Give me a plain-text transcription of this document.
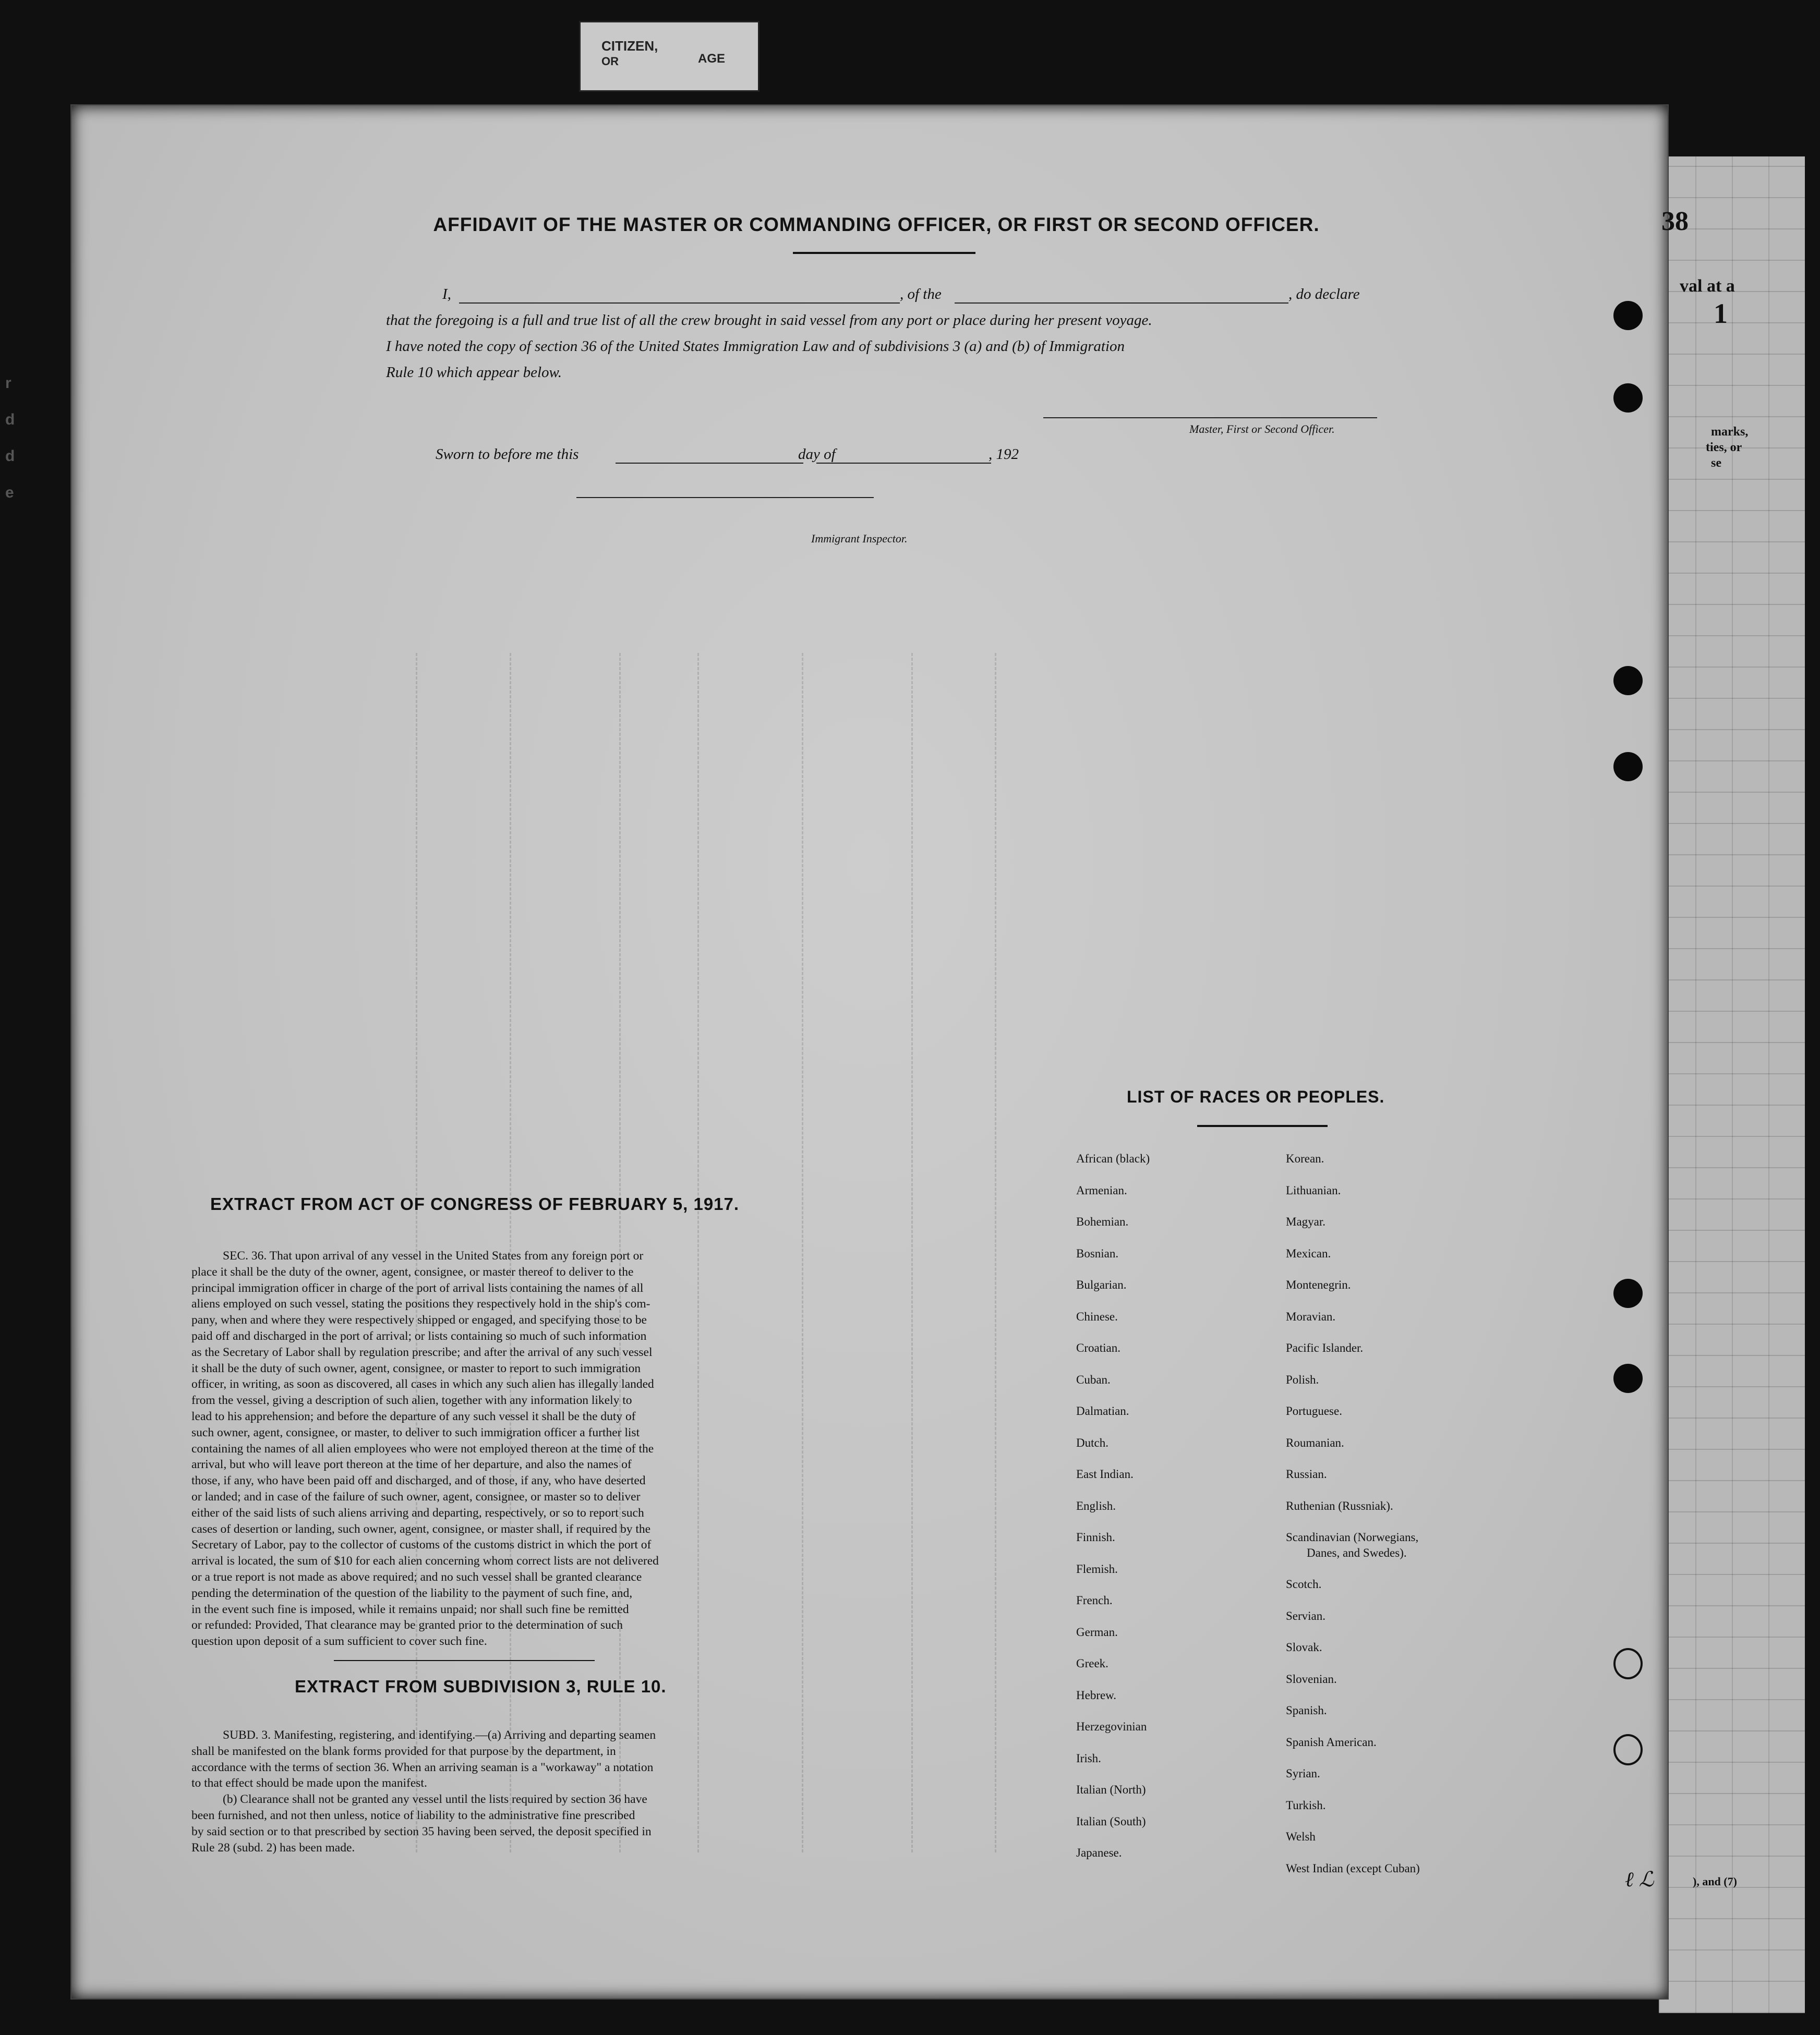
r
d
d
e
CITIZEN,
OR	AGE
val at a
1
marks,
ties, or
se
38
AFFIDAVIT OF THE MASTER OR COMMANDING OFFICER, OR FIRST OR SECOND OFFICER.
I,	, of the	, do declare
that the foregoing is a full and true list of all the crew brought in said vessel from any port or place during her present voyage.
I have noted the copy of section 36 of the United States Immigration Law and of subdivisions 3 (a) and (b) of Immigration
Rule 10 which appear below.
Master, First or Second Officer.
Sworn to before me this	day of	, 192
Immigrant Inspector.
EXTRACT FROM ACT OF CONGRESS OF FEBRUARY 5, 1917.
SEC. 36. That upon arrival of any vessel in the United States from any foreign port or
place it shall be the duty of the owner, agent, consignee, or master thereof to deliver to the
principal immigration officer in charge of the port of arrival lists containing the names of all
aliens employed on such vessel, stating the positions they respectively hold in the ship's com-
pany, when and where they were respectively shipped or engaged, and specifying those to be
paid off and discharged in the port of arrival; or lists containing so much of such information
as the Secretary of Labor shall by regulation prescribe; and after the arrival of any such vessel
it shall be the duty of such owner, agent, consignee, or master to report to such immigration
officer, in writing, as soon as discovered, all cases in which any such alien has illegally landed
from the vessel, giving a description of such alien, together with any information likely to
lead to his apprehension; and before the departure of any such vessel it shall be the duty of
such owner, agent, consignee, or master, to deliver to such immigration officer a further list
containing the names of all alien employees who were not employed thereon at the time of the
arrival, but who will leave port thereon at the time of her departure, and also the names of
those, if any, who have been paid off and discharged, and of those, if any, who have deserted
or landed; and in case of the failure of such owner, agent, consignee, or master so to deliver
either of the said lists of such aliens arriving and departing, respectively, or so to report such
cases of desertion or landing, such owner, agent, consignee, or master shall, if required by the
Secretary of Labor, pay to the collector of customs of the customs district in which the port of
arrival is located, the sum of $10 for each alien concerning whom correct lists are not delivered
or a true report is not made as above required; and no such vessel shall be granted clearance
pending the determination of the question of the liability to the payment of such fine, and,
in the event such fine is imposed, while it remains unpaid; nor shall such fine be remitted
or refunded: Provided, That clearance may be granted prior to the determination of such
question upon deposit of a sum sufficient to cover such fine.
EXTRACT FROM SUBDIVISION 3, RULE 10.
SUBD. 3. Manifesting, registering, and identifying.—(a) Arriving and departing seamen
shall be manifested on the blank forms provided for that purpose by the department, in
accordance with the terms of section 36. When an arriving seaman is a "workaway" a notation
to that effect should be made upon the manifest.
(b) Clearance shall not be granted any vessel until the lists required by section 36 have
been furnished, and not then unless, notice of liability to the administrative fine prescribed
by said section or to that prescribed by section 35 having been served, the deposit specified in
Rule 28 (subd. 2) has been made.
LIST OF RACES OR PEOPLES.
African (black)
Armenian.
Bohemian.
Bosnian.
Bulgarian.
Chinese.
Croatian.
Cuban.
Dalmatian.
Dutch.
East Indian.
English.
Finnish.
Flemish.
French.
German.
Greek.
Hebrew.
Herzegovinian
Irish.
Italian (North)
Italian (South)
Japanese.
Korean.
Lithuanian.
Magyar.
Mexican.
Montenegrin.
Moravian.
Pacific Islander.
Polish.
Portuguese.
Roumanian.
Russian.
Ruthenian (Russniak).
Scandinavian (Norwegians,
Danes, and Swedes).
Scotch.
Servian.
Slovak.
Slovenian.
Spanish.
Spanish American.
Syrian.
Turkish.
Welsh
West Indian (except Cuban)	ℓ ℒ	), and (7)
